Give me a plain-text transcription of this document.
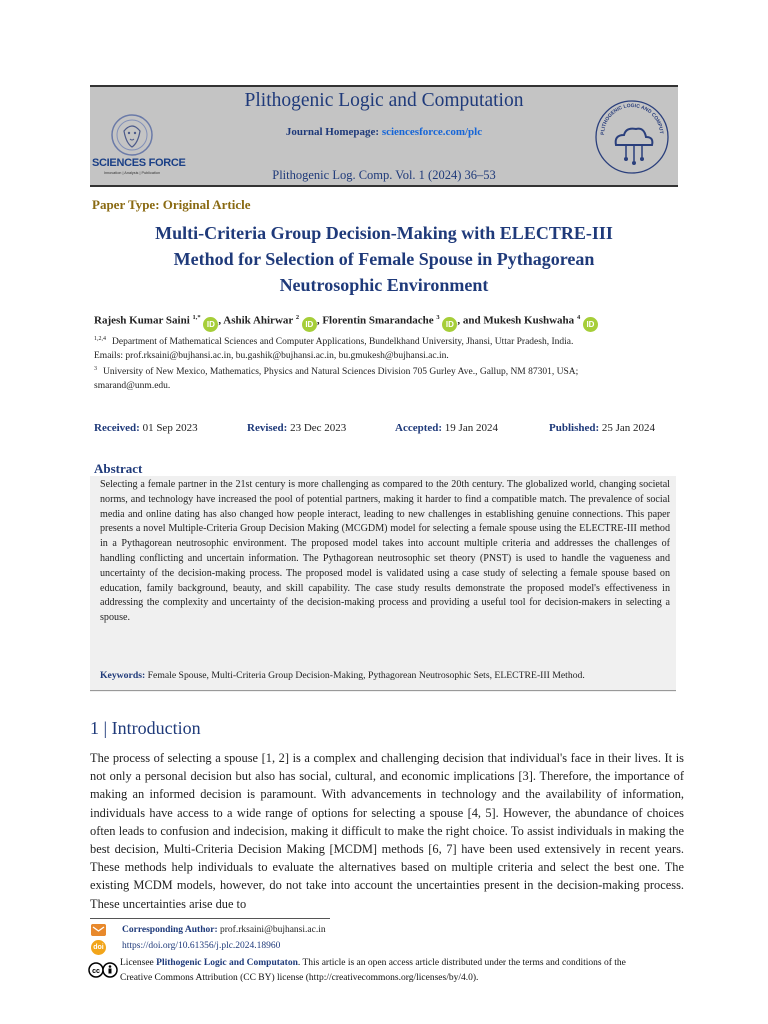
Plithogenic Logic and Computation
Journal Homepage: sciencesforce.com/plc
Plithogenic Log. Comp. Vol. 1 (2024) 36–53
SCIENCES FORCE
Innovation | Analysis | Publication
PLITHOGENIC LOGIC AND COMPUT
Paper Type: Original Article
Multi-Criteria Group Decision-Making with ELECTRE-III
Method for Selection of Female Spouse in Pythagorean
Neutrosophic Environment
Rajesh Kumar Saini $^{1,*}$ ID , Ashik Ahirwar $^2$ ID , Florentin Smarandache $^3$ ID , and Mukesh Kushwaha $^4$ ID
$^{1,2,4}$ Department of Mathematical Sciences and Computer Applications, Bundelkhand University, Jhansi, Uttar Pradesh, India.
Emails: prof.rksaini@bujhansi.ac.in, bu.gashik@bujhansi.ac.in, bu.gmukesh@bujhansi.ac.in.
$^3$ University of New Mexico, Mathematics, Physics and Natural Sciences Division 705 Gurley Ave., Gallup, NM 87301, USA;
smarand@unm.edu.
Received: 01 Sep 2023	Revised: 23 Dec 2023	Accepted: 19 Jan 2024	Published: 25 Jan 2024
Abstract
Selecting a female partner in the 21st century is more challenging as compared to the 20th century. The globalized world, changing societal norms, and technology have increased the pool of potential partners, making it harder to find a compatible match. The prevalence of social media and online dating has also changed how people interact, leading to new challenges in establishing genuine connections. This paper presents a novel Multiple-Criteria Group Decision Making (MCGDM) model for selecting a female spouse using the ELECTRE-III method in a Pythagorean neutrosophic environment. The proposed model takes into account multiple criteria and addresses the challenges of handling conflicting and uncertain information. The Pythagorean neutrosophic set theory (PNST) is used to handle the vagueness and uncertainty of the decision-making process. The proposed model is validated using a case study of selecting a female spouse based on education, family background, beauty, and skill capability. The case study results demonstrate the proposed model's effectiveness in addressing the complexity and uncertainty of the decision-making process and providing a useful tool for decision-makers in selecting a spouse.
Keywords: Female Spouse, Multi-Criteria Group Decision-Making, Pythagorean Neutrosophic Sets, ELECTRE-III Method.
1 | Introduction
The process of selecting a spouse [1, 2] is a complex and challenging decision that individual's face in their lives. It is not only a personal decision but also has social, cultural, and economic implications [3]. Therefore, the importance of making an informed decision is paramount. With advancements in technology and the availability of information, individuals have access to a wide range of options for selecting a spouse [4, 5]. However, the abundance of choices often leads to confusion and indecision, making it difficult to make the right choice. To assist individuals in making the best decision, Multi-Criteria Decision Making [MCDM] methods [6, 7] have been used extensively in recent years. These methods help individuals to evaluate the alternatives based on multiple criteria and select the best one. The existing MCDM models, however, do not take into account the uncertainties present in the decision-making process. These uncertainties arise due to
Corresponding Author: prof.rksaini@bujhansi.ac.in
doi https://doi.org/10.61356/j.plc.2024.18960
cc
Licensee Plithogenic Logic and Computaton. This article is an open access article distributed under the terms and conditions of the Creative Commons Attribution (CC BY) license (http://creativecommons.org/licenses/by/4.0).
